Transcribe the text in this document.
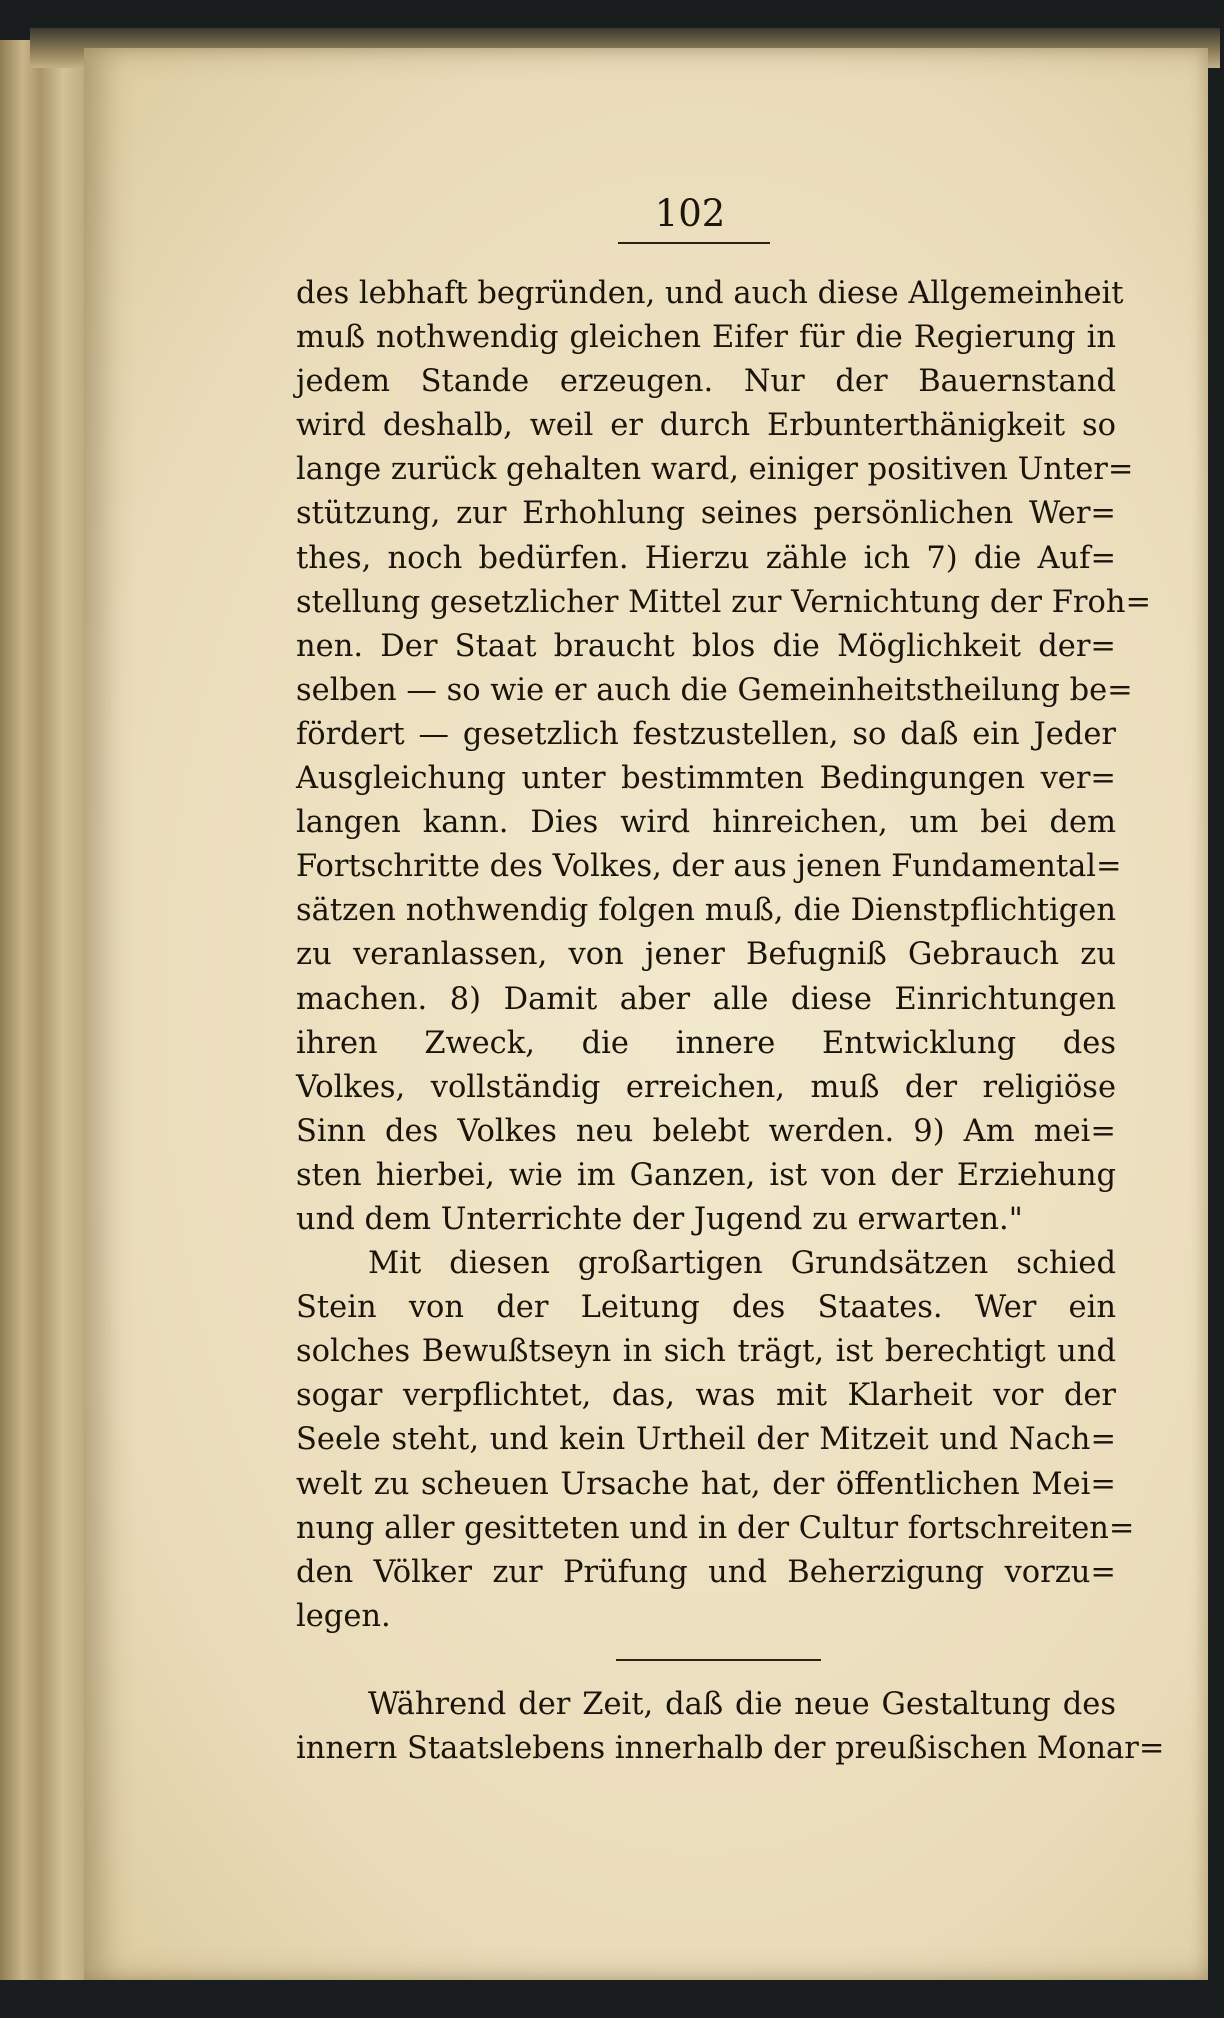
102
des lebhaft begründen, und auch diese Allgemeinheit
muß nothwendig gleichen Eifer für die Regierung in
jedem Stande erzeugen. Nur der Bauernstand
wird deshalb, weil er durch Erbunterthänigkeit so
lange zurück gehalten ward, einiger positiven Unter=
stützung, zur Erhohlung seines persönlichen Wer=
thes, noch bedürfen. Hierzu zähle ich 7) die Auf=
stellung gesetzlicher Mittel zur Vernichtung der Froh=
nen. Der Staat braucht blos die Möglichkeit der=
selben — so wie er auch die Gemeinheitstheilung be=
fördert — gesetzlich festzustellen, so daß ein Jeder
Ausgleichung unter bestimmten Bedingungen ver=
langen kann. Dies wird hinreichen, um bei dem
Fortschritte des Volkes, der aus jenen Fundamental=
sätzen nothwendig folgen muß, die Dienstpflichtigen
zu veranlassen, von jener Befugniß Gebrauch zu
machen. 8) Damit aber alle diese Einrichtungen
ihren Zweck, die innere Entwicklung des
Volkes, vollständig erreichen, muß der religiöse
Sinn des Volkes neu belebt werden. 9) Am mei=
sten hierbei, wie im Ganzen, ist von der Erziehung
und dem Unterrichte der Jugend zu erwarten."
Mit diesen großartigen Grundsätzen schied
Stein von der Leitung des Staates. Wer ein
solches Bewußtseyn in sich trägt, ist berechtigt und
sogar verpflichtet, das, was mit Klarheit vor der
Seele steht, und kein Urtheil der Mitzeit und Nach=
welt zu scheuen Ursache hat, der öffentlichen Mei=
nung aller gesitteten und in der Cultur fortschreiten=
den Völker zur Prüfung und Beherzigung vorzu=
legen.
Während der Zeit, daß die neue Gestaltung des
innern Staatslebens innerhalb der preußischen Monar=
